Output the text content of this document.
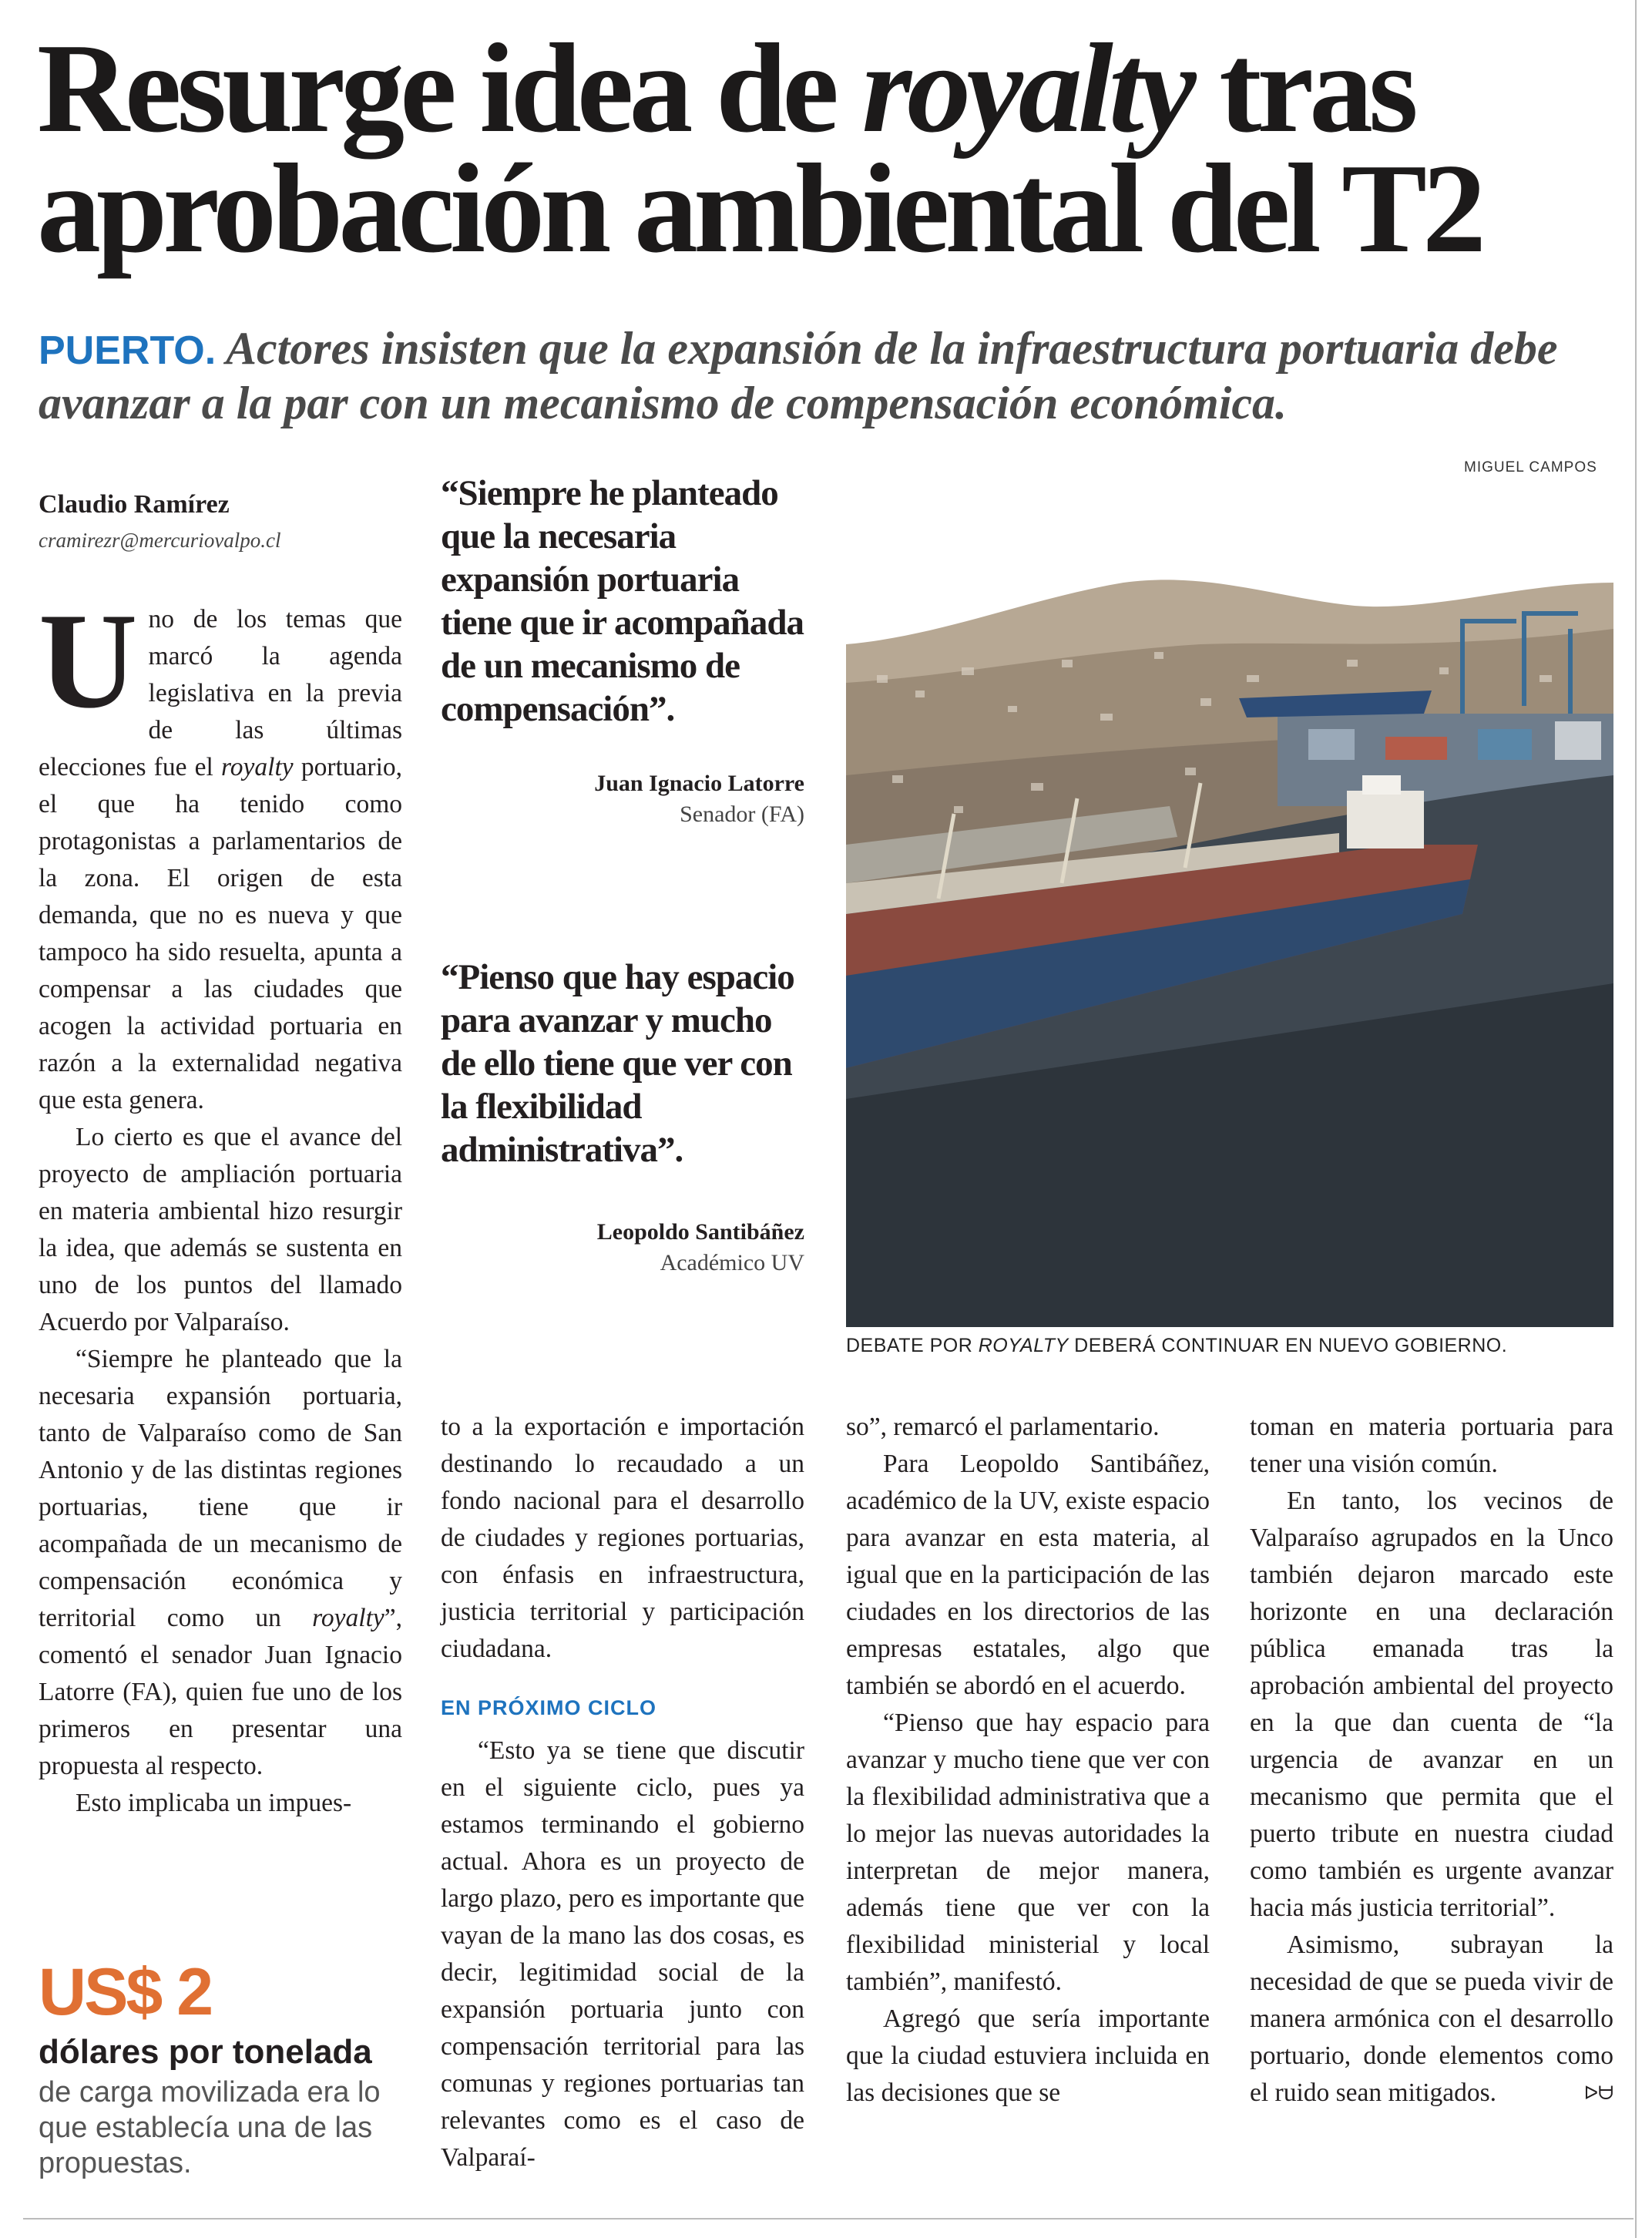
Resurge idea de royalty tras aprobación ambiental del T2

PUERTO. Actores insisten que la expansión de la infraestructura portuaria debe avanzar a la par con un mecanismo de compensación económica.

MIGUEL CAMPOS
Claudio Ramírez
cramirezr@mercuriovalpo.cl

Uno de los temas que marcó la agenda legislativa en la previa de las últimas elecciones fue el royalty portuario, el que ha tenido como protagonistas a parlamentarios de la zona. El origen de esta demanda, que no es nueva y que tampoco ha sido resuelta, apunta a compensar a las ciudades que acogen la actividad portuaria en razón a la externalidad negativa que esta genera.

Lo cierto es que el avance del proyecto de ampliación portuaria en materia ambiental hizo resurgir la idea, que además se sustenta en uno de los puntos del llamado Acuerdo por Valparaíso.

“Siempre he planteado que la necesaria expansión portuaria, tanto de Valparaíso como de San Antonio y de las distintas regiones portuarias, tiene que ir acompañada de un mecanismo de compensación económica y territorial como un royalty”, comentó el senador Juan Ignacio Latorre (FA), quien fue uno de los primeros en presentar una propuesta al respecto.

Esto implicaba un impues-

“Siempre he planteado que la necesaria expansión portuaria tiene que ir acompañada de un mecanismo de compensación”.
Juan Ignacio Latorre
Senador (FA)
“Pienso que hay espacio para avanzar y mucho de ello tiene que ver con la flexibilidad administrativa”.
Leopoldo Santibáñez
Académico UV
DEBATE POR ROYALTY DEBERÁ CONTINUAR EN NUEVO GOBIERNO.

to a la exportación e importación destinando lo recaudado a un fondo nacional para el desarrollo de ciudades y regiones portuarias, con énfasis en infraestructura, justicia territorial y participación ciudadana.

EN PRÓXIMO CICLO

“Esto ya se tiene que discutir en el siguiente ciclo, pues ya estamos terminando el gobierno actual. Ahora es un proyecto de largo plazo, pero es importante que vayan de la mano las dos cosas, es decir, legitimidad social de la expansión portuaria junto con compensación territorial para las comunas y regiones portuarias tan relevantes como es el caso de Valparaí-

so”, remarcó el parlamentario.

Para Leopoldo Santibáñez, académico de la UV, existe espacio para avanzar en esta materia, al igual que en la participación de las ciudades en los directorios de las empresas estatales, algo que también se abordó en el acuerdo.

“Pienso que hay espacio para avanzar y mucho tiene que ver con la flexibilidad administrativa que a lo mejor las nuevas autoridades la interpretan de mejor manera, además tiene que ver con la flexibilidad ministerial y local también”, manifestó.

Agregó que sería importante que la ciudad estuviera incluida en las decisiones que se

toman en materia portuaria para tener una visión común.

En tanto, los vecinos de Valparaíso agrupados en la Unco también dejaron marcado este horizonte en una declaración pública emanada tras la aprobación ambiental del proyecto en la que dan cuenta de “la urgencia de avanzar en un mecanismo que permita que el puerto tribute en nuestra ciudad como también es urgente avanzar hacia más justicia territorial”.

Asimismo, subrayan la necesidad de que se pueda vivir de manera armónica con el desarrollo portuario, donde elementos como el ruido sean mitigados.	ᐅᗨ

US$ 2
dólares por tonelada
de carga movilizada era lo que establecía una de las propuestas.
